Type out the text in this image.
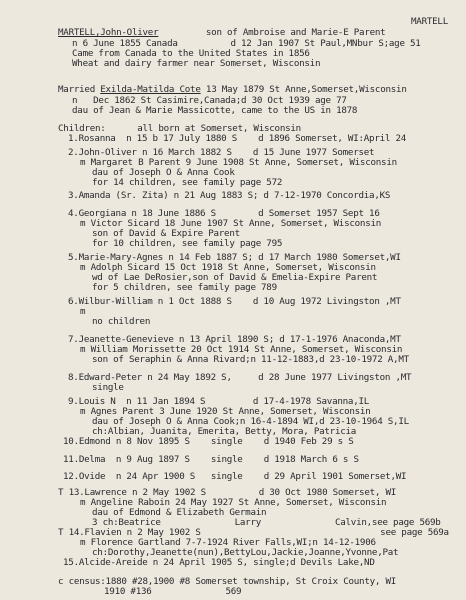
MARTELL
MARTELL,John-Oliver         son of Ambroise and Marie-E Parent
n 6 June 1855 Canada          d 12 Jan 1907 St Paul,MNbur S;age 51
Came from Canada to the United States in 1856
Wheat and dairy farmer near Somerset, Wisconsin
Married Exilda-Matilda Cote 13 May 1879 St Anne,Somerset,Wisconsin
n   Dec 1862 St Casimire,Canada;d 30 Oct 1939 age 77
dau of Jean & Marie Massicotte, came to the US in 1878
Children:      all born at Somerset, Wisconsin
1.Rosanna  n 15 b 17 July 1880 S    d 1896 Somerset, WI:April 24
2.John-Oliver n 16 March 1882 S    d 15 June 1977 Somerset
m Margaret B Parent 9 June 1908 St Anne, Somerset, Wisconsin
dau of Joseph O & Anna Cook
for 14 children, see family page 572
3.Amanda (Sr. Zita) n 21 Aug 1883 S; d 7-12-1970 Concordia,KS
4.Georgiana n 18 June 1886 S        d Somerset 1957 Sept 16
m Victor Sicard 18 June 1907 St Anne, Somerset, Wisconsin
son of David & Expire Parent
for 10 children, see family page 795
5.Marie-Mary-Agnes n 14 Feb 1887 S; d 17 March 1980 Somerset,WI
m Adolph Sicard 15 Oct 1918 St Anne, Somerset, Wisconsin
wd of Lae DeRosier,son of David & Emelia-Expire Parent
for 5 children, see family page 789
6.Wilbur-William n 1 Oct 1888 S    d 10 Aug 1972 Livingston ,MT
m
no children
7.Jeanette-Genevieve n 13 April 1890 S; d 17-1-1976 Anaconda,MT
m William Morissette 20 Oct 1914 St Anne, Somerset, Wisconsin
son of Seraphin & Anna Rivard;n 11-12-1883,d 23-10-1972 A,MT
8.Edward-Peter n 24 May 1892 S,     d 28 June 1977 Livingston ,MT
single
9.Louis N  n 11 Jan 1894 S         d 17-4-1978 Savanna,IL
m Agnes Parent 3 June 1920 St Anne, Somerset, Wisconsin
dau of Joseph O & Anna Cook;n 16-4-1894 WI,d 23-10-1964 S,IL
ch:Albian, Juanita, Emerita, Betty, Mora, Patricia
10.Edmond n 8 Nov 1895 S    single    d 1940 Feb 29 s S
11.Delma  n 9 Aug 1897 S    single    d 1918 March 6 s S
12.Ovide  n 24 Apr 1900 S   single    d 29 April 1901 Somerset,WI
T 13.Lawrence n 2 May 1902 S          d 30 Oct 1980 Somerset, WI
m Angeline Raboin 24 May 1927 St Anne, Somerset, Wisconsin
dau of Edmond & Elizabeth Germain
3 ch:Beatrice              Larry              Calvin,see page 569b
T 14.Flavien n 2 May 1902 S                                  see page 569a
m Florence Gartland 7-7-1924 River Falls,WI;n 14-12-1906
ch:Dorothy,Jeanette(nun),BettyLou,Jackie,Joanne,Yvonne,Pat
15.Alcide-Areide n 24 April 1905 S, single;d Devils Lake,ND
c census:1880 #28,1900 #8 Somerset township, St Croix County, WI
1910 #136              569
